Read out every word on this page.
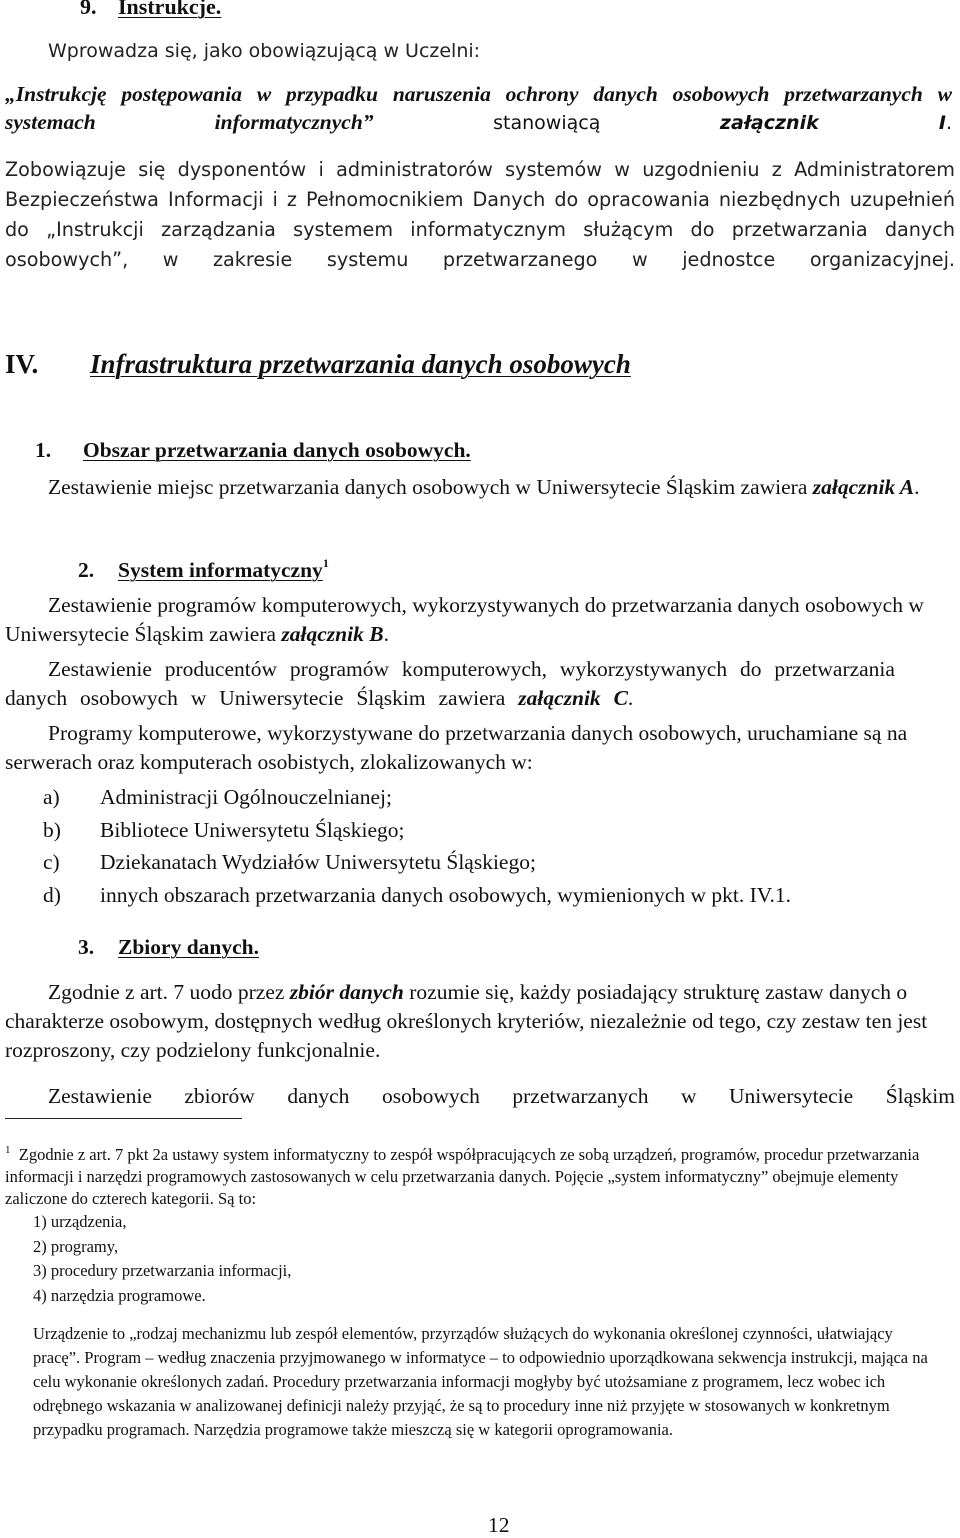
9. Instrukcje.
Wprowadza się, jako obowiązującą w Uczelni:
„Instrukcję postępowania w przypadku naruszenia ochrony danych osobowych przetwarzanych w systemach informatycznych” stanowiącą załącznik I.
Zobowiązuje się dysponentów i administratorów systemów w uzgodnieniu z Administratorem Bezpieczeństwa Informacji i z Pełnomocnikiem Danych do opracowania niezbędnych uzupełnień do „Instrukcji zarządzania systemem informatycznym służącym do przetwarzania danych osobowych”, w zakresie systemu przetwarzanego w jednostce organizacyjnej.
IV. Infrastruktura przetwarzania danych osobowych
1. Obszar przetwarzania danych osobowych.
Zestawienie miejsc przetwarzania danych osobowych w Uniwersytecie Śląskim zawiera załącznik A.
2. System informatyczny$^1$
Zestawienie programów komputerowych, wykorzystywanych do przetwarzania danych osobowych w Uniwersytecie Śląskim zawiera załącznik B.
Zestawienie producentów programów komputerowych, wykorzystywanych do przetwarzania danych osobowych w Uniwersytecie Śląskim zawiera załącznik C.
Programy komputerowe, wykorzystywane do przetwarzania danych osobowych, uruchamiane są na serwerach oraz komputerach osobistych, zlokalizowanych w:
a) Administracji Ogólnouczelnianej;
b) Bibliotece Uniwersytetu Śląskiego;
c) Dziekanatach Wydziałów Uniwersytetu Śląskiego;
d) innych obszarach przetwarzania danych osobowych, wymienionych w pkt. IV.1.
3. Zbiory danych.
Zgodnie z art. 7 uodo przez zbiór danych rozumie się, każdy posiadający strukturę zastaw danych o charakterze osobowym, dostępnych według określonych kryteriów, niezależnie od tego, czy zestaw ten jest rozproszony, czy podzielony funkcjonalnie.
Zestawienie zbiorów danych osobowych przetwarzanych w Uniwersytecie Śląskim
$^1$ Zgodnie z art. 7 pkt 2a ustawy system informatyczny to zespół współpracujących ze sobą urządzeń, programów, procedur przetwarzania informacji i narzędzi programowych zastosowanych w celu przetwarzania danych. Pojęcie „system informatyczny” obejmuje elementy zaliczone do czterech kategorii. Są to:
1) urządzenia,
2) programy,
3) procedury przetwarzania informacji,
4) narzędzia programowe.
Urządzenie to „rodzaj mechanizmu lub zespół elementów, przyrządów służących do wykonania określonej czynności, ułatwiający pracę”. Program – według znaczenia przyjmowanego w informatyce – to odpowiednio uporządkowana sekwencja instrukcji, mająca na celu wykonanie określonych zadań. Procedury przetwarzania informacji mogłyby być utożsamiane z programem, lecz wobec ich odrębnego wskazania w analizowanej definicji należy przyjąć, że są to procedury inne niż przyjęte w stosowanych w konkretnym przypadku programach. Narzędzia programowe także mieszczą się w kategorii oprogramowania.
12
